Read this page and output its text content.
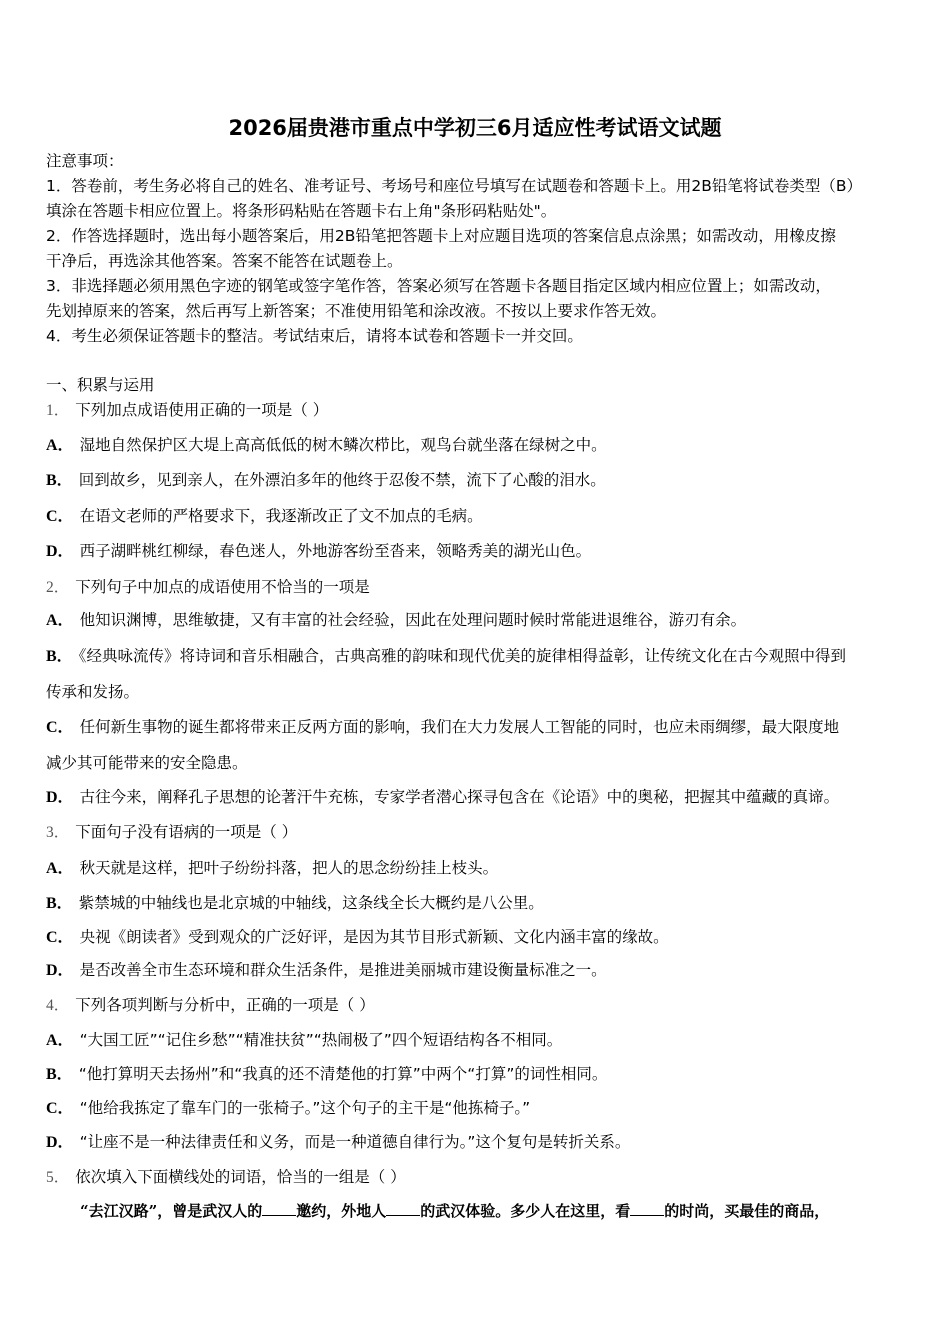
2026届贵港市重点中学初三6月适应性考试语文试题
注意事项：
1．答卷前，考生务必将自己的姓名、准考证号、考场号和座位号填写在试题卷和答题卡上。用2B铅笔将试卷类型（B）
填涂在答题卡相应位置上。将条形码粘贴在答题卡右上角"条形码粘贴处"。
2．作答选择题时，选出每小题答案后，用2B铅笔把答题卡上对应题目选项的答案信息点涂黑；如需改动，用橡皮擦
干净后，再选涂其他答案。答案不能答在试题卷上。
3．非选择题必须用黑色字迹的钢笔或签字笔作答，答案必须写在答题卡各题目指定区域内相应位置上；如需改动，
先划掉原来的答案，然后再写上新答案；不准使用铅笔和涂改液。不按以上要求作答无效。
4．考生必须保证答题卡的整洁。考试结束后，请将本试卷和答题卡一并交回。
一、积累与运用
1． 下列加点成语使用正确的一项是（ ）
A． 湿地自然保护区大堤上高高低低的树木鳞次栉比，观鸟台就坐落在绿树之中。
B． 回到故乡，见到亲人，在外漂泊多年的他终于忍俊不禁，流下了心酸的泪水。
C． 在语文老师的严格要求下，我逐渐改正了文不加点的毛病。
D． 西子湖畔桃红柳绿，春色迷人，外地游客纷至沓来，领略秀美的湖光山色。
2． 下列句子中加点的成语使用不恰当的一项是
A． 他知识渊博，思维敏捷，又有丰富的社会经验，因此在处理问题时候时常能进退维谷，游刃有余。
B． 《经典咏流传》将诗词和音乐相融合，古典高雅的韵味和现代优美的旋律相得益彰，让传统文化在古今观照中得到
传承和发扬。
C． 任何新生事物的诞生都将带来正反两方面的影响，我们在大力发展人工智能的同时，也应未雨绸缪，最大限度地
减少其可能带来的安全隐患。
D． 古往今来，阐释孔子思想的论著汗牛充栋，专家学者潜心探寻包含在《论语》中的奥秘，把握其中蕴藏的真谛。
3． 下面句子没有语病的一项是（ ）
A． 秋天就是这样，把叶子纷纷抖落，把人的思念纷纷挂上枝头。
B． 紫禁城的中轴线也是北京城的中轴线，这条线全长大概约是八公里。
C． 央视《朗读者》受到观众的广泛好评，是因为其节目形式新颖、文化内涵丰富的缘故。
D． 是否改善全市生态环境和群众生活条件，是推进美丽城市建设衡量标准之一。
4． 下列各项判断与分析中，正确的一项是（ ）
A． “大国工匠”“记住乡愁”“精准扶贫”“热闹极了”四个短语结构各不相同。
B． “他打算明天去扬州”和“我真的还不清楚他的打算”中两个“打算”的词性相同。
C． “他给我拣定了靠车门的一张椅子。”这个句子的主干是“他拣椅子。”
D． “让座不是一种法律责任和义务，而是一种道德自律行为。”这个复句是转折关系。
5． 依次填入下面横线处的词语，恰当的一组是（ ）
“去江汉路”，曾是武汉人的 邀约，外地人 的武汉体验。多少人在这里，看 的时尚，买最佳的商品，
